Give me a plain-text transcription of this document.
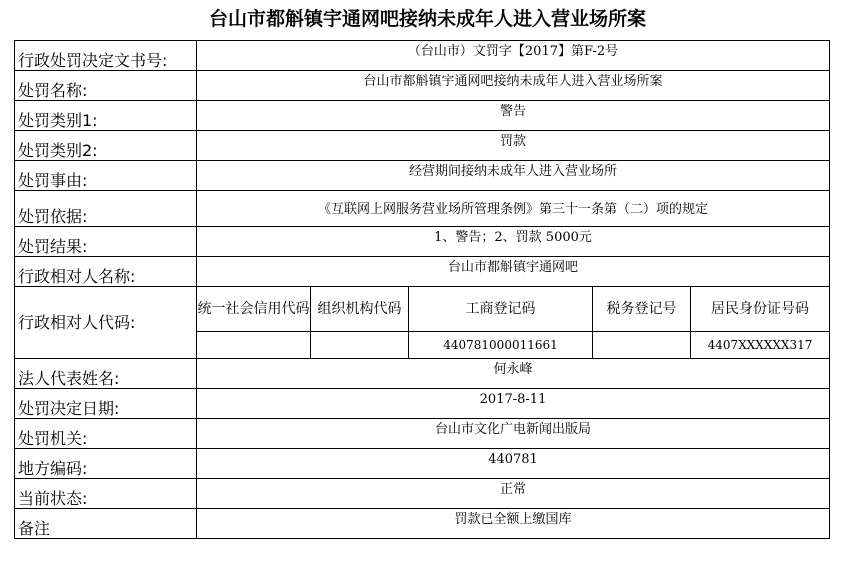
台山市都斛镇宇通网吧接纳未成年人进入营业场所案
行政处罚决定文书号:	（台山市）文罚字【2017】第F-2号				
处罚名称:	台山市都斛镇宇通网吧接纳未成年人进入营业场所案				
处罚类别1:	警告				
处罚类别2:	罚款				
处罚事由:	经营期间接纳未成年人进入营业场所				
处罚依据:	《互联网上网服务营业场所管理条例》第三十一条第（二）项的规定				
处罚结果:	1、警告；2、罚款 5000元				
行政相对人名称:	台山市都斛镇宇通网吧				
行政相对人代码:	统一社会信用代码	组织机构代码	工商登记码	税务登记号	居民身份证号码
			440781000011661		4407XXXXXX317
法人代表姓名:	何永峰				
处罚决定日期:	2017-8-11				
处罚机关:	台山市文化广电新闻出版局				
地方编码:	440781				
当前状态:	正常				
备注	罚款已全额上缴国库				
